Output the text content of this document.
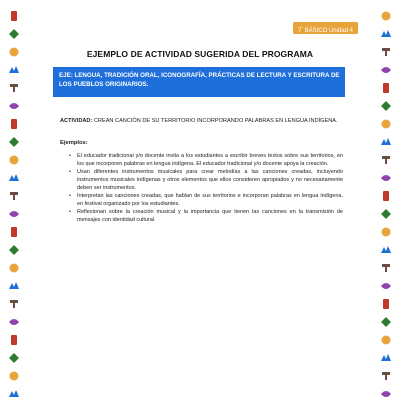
7° BÁSICO Unidad 4
EJEMPLO DE ACTIVIDAD SUGERIDA DEL PROGRAMA
EJE: LENGUA, TRADICIÓN ORAL, ICONOGRAFÍA, PRÁCTICAS DE LECTURA Y ESCRITURA DE LOS PUEBLOS ORIGINARIOS.
ACTIVIDAD: CREAN CANCIÓN DE SU TERRITORIO INCORPORANDO PALABRAS EN LENGUA INDÍGENA.
Ejemplos:
• El educador tradicional y/o docente invita a los estudiantes a escribir breves textos sobre sus territorios, en los que incorporen palabras en lengua indígena. El educador tradicional y/o docente apoya la creación.
• Usan diferentes instrumentos musicales para crear melodías a las canciones creadas, incluyendo instrumentos musicales indígenas y otros elementos que ellos consideren apropiados y no necesariamente deben ser instrumentos.
• Interpretan las canciones creadas, que hablan de sus territorios e incorporan palabras en lengua indígena, en festival organizado por los estudiantes.
• Reflexionan sobre la creación musical y la importancia que tienen las canciones en la transmisión de mensajes con identidad cultural.
